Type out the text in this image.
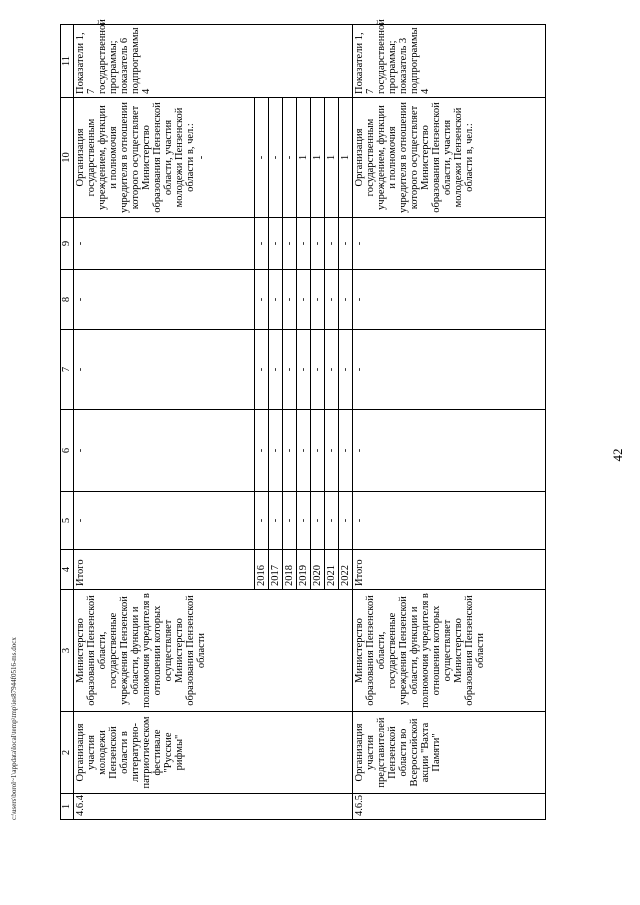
42
c:\users\borol~1\appdata\local\temp\tmp\ies87944f0516-ms.docx	1	2	3	4	5	6	7	8	9	10	11
4.6.4	Организация участия молодежи Пензенской области в литературно-патриотическом фестивале "Русские рифмы"	Министерство образования Пензенской области, государственные учреждения Пензенской области, функции и полномочия учредителя в отношении которых осуществляет Министерство образования Пензенской области	Итого	-	-	-	-	-	Организация государственным учреждением, функции и полномочия учредителя в отношении которого осуществляет Министерство образования Пензенской области, участия молодежи Пензенской области в, чел.: -	Показатели 1, 7 государственной программы; показатель 6 подпрограммы 4
			2016	-	-	-	-	-	-	
			2017	-	-	-	-	-	-	
			2018	-	-	-	-	-	-	
			2019	-	-	-	-	-	1	
			2020	-	-	-	-	-	1	
			2021	-	-	-	-	-	1	
			2022	-	-	-	-	-	1	
4.6.5	Организация участия представителей Пензенской области во Всероссийской акции "Вахта Памяти"	Министерство образования Пензенской области, государственные учреждения Пензенской области, функции и полномочия учредителя в отношении которых осуществляет Министерство образования Пензенской области	Итого	-	-	-	-	-	Организация государственным учреждением, функции и полномочия учредителя в отношении которого осуществляет Министерство образования Пензенской области, участия молодежи Пензенской области в, чел.:	Показатели 1, 7 государственной программы; показатель 3 подпрограммы 4
